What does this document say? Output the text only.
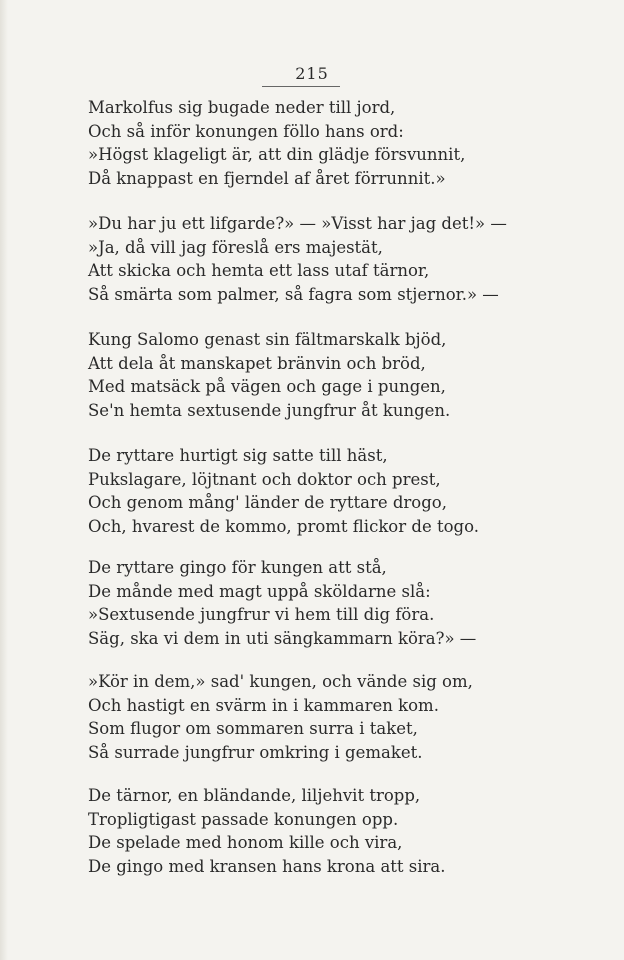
215
Markolfus sig bugade neder till jord,
Och så inför konungen föllo hans ord:
»Högst klageligt är, att din glädje försvunnit,
Då knappast en fjerndel af året förrunnit.»
»Du har ju ett lifgarde?» — »Visst har jag det!» —
»Ja, då vill jag föreslå ers majestät,
Att skicka och hemta ett lass utaf tärnor,
Så smärta som palmer, så fagra som stjernor.» —
Kung Salomo genast sin fältmarskalk bjöd,
Att dela åt manskapet bränvin och bröd,
Med matsäck på vägen och gage i pungen,
Se'n hemta sextusende jungfrur åt kungen.
De ryttare hurtigt sig satte till häst,
Pukslagare, löjtnant och doktor och prest,
Och genom mång' länder de ryttare drogo,
Och, hvarest de kommo, promt flickor de togo.
De ryttare gingo för kungen att stå,
De månde med magt uppå sköldarne slå:
»Sextusende jungfrur vi hem till dig föra.
Säg, ska vi dem in uti sängkammarn köra?» —
»Kör in dem,» sad' kungen, och vände sig om,
Och hastigt en svärm in i kammaren kom.
Som flugor om sommaren surra i taket,
Så surrade jungfrur omkring i gemaket.
De tärnor, en bländande, liljehvit tropp,
Tropligtigast passade konungen opp.
De spelade med honom kille och vira,
De gingo med kransen hans krona att sira.
